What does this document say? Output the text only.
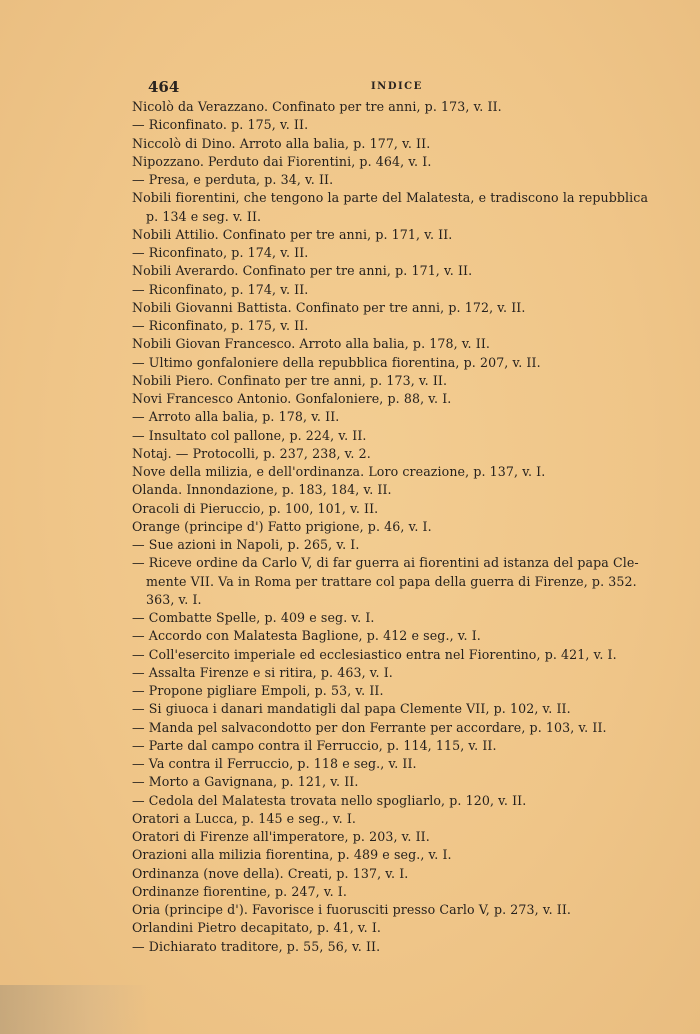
464	INDICE
Nicolò da Verazzano. Confinato per tre anni, p. 173, v. II.
— Riconfinato. p. 175, v. II.
Niccolò di Dino. Arroto alla balia, p. 177, v. II.
Nipozzano. Perduto dai Fiorentini, p. 464, v. I.
— Presa, e perduta, p. 34, v. II.
Nobili fiorentini, che tengono la parte del Malatesta, e tradiscono la repubblica
p. 134 e seg. v. II.
Nobili Attilio. Confinato per tre anni, p. 171, v. II.
— Riconfinato, p. 174, v. II.
Nobili Averardo. Confinato per tre anni, p. 171, v. II.
— Riconfinato, p. 174, v. II.
Nobili Giovanni Battista. Confinato per tre anni, p. 172, v. II.
— Riconfinato, p. 175, v. II.
Nobili Giovan Francesco. Arroto alla balia, p. 178, v. II.
— Ultimo gonfaloniere della repubblica fiorentina, p. 207, v. II.
Nobili Piero. Confinato per tre anni, p. 173, v. II.
Novi Francesco Antonio. Gonfaloniere, p. 88, v. I.
— Arroto alla balia, p. 178, v. II.
— Insultato col pallone, p. 224, v. II.
Notaj. — Protocolli, p. 237, 238, v. 2.
Nove della milizia, e dell'ordinanza. Loro creazione, p. 137, v. I.
Olanda. Innondazione, p. 183, 184, v. II.
Oracoli di Pieruccio, p. 100, 101, v. II.
Orange (principe d') Fatto prigione, p. 46, v. I.
— Sue azioni in Napoli, p. 265, v. I.
— Riceve ordine da Carlo V, di far guerra ai fiorentini ad istanza del papa Cle-
mente VII. Va in Roma per trattare col papa della guerra di Firenze, p. 352.
363, v. I.
— Combatte Spelle, p. 409 e seg. v. I.
— Accordo con Malatesta Baglione, p. 412 e seg., v. I.
— Coll'esercito imperiale ed ecclesiastico entra nel Fiorentino, p. 421, v. I.
— Assalta Firenze e si ritira, p. 463, v. I.
— Propone pigliare Empoli, p. 53, v. II.
— Si giuoca i danari mandatigli dal papa Clemente VII, p. 102, v. II.
— Manda pel salvacondotto per don Ferrante per accordare, p. 103, v. II.
— Parte dal campo contra il Ferruccio, p. 114, 115, v. II.
— Va contra il Ferruccio, p. 118 e seg., v. II.
— Morto a Gavignana, p. 121, v. II.
— Cedola del Malatesta trovata nello spogliarlo, p. 120, v. II.
Oratori a Lucca, p. 145 e seg., v. I.
Oratori di Firenze all'imperatore, p. 203, v. II.
Orazioni alla milizia fiorentina, p. 489 e seg., v. I.
Ordinanza (nove della). Creati, p. 137, v. I.
Ordinanze fiorentine, p. 247, v. I.
Oria (principe d'). Favorisce i fuorusciti presso Carlo V, p. 273, v. II.
Orlandini Pietro decapitato, p. 41, v. I.
— Dichiarato traditore, p. 55, 56, v. II.
